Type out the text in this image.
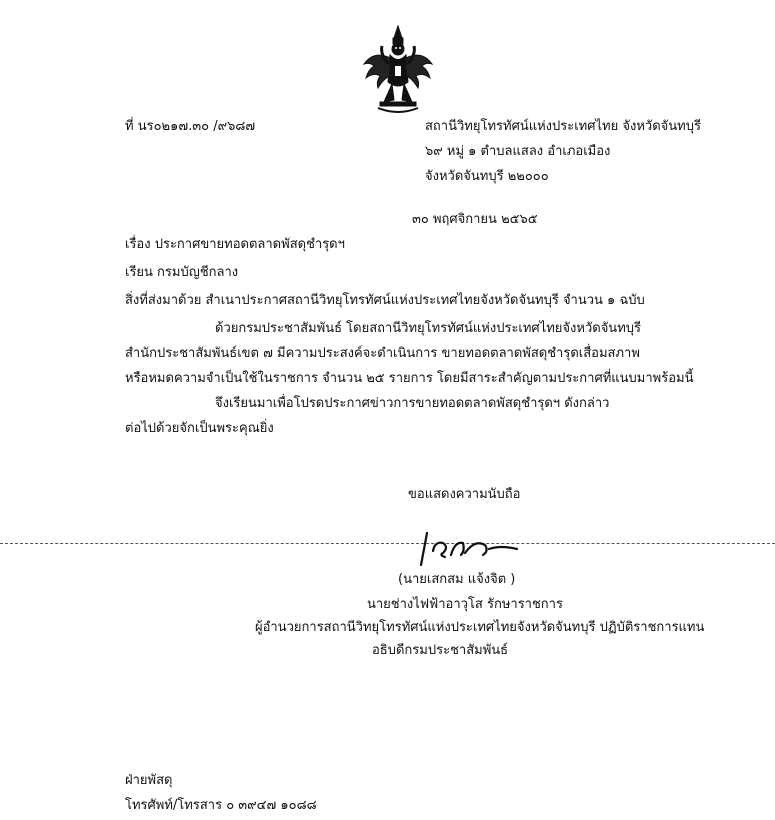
ที่ นร๐๒๑๗.๓๐ /๙๖๘๗	สถานีวิทยุโทรทัศน์แห่งประเทศไทย จังหวัดจันทบุรี
๖๙ หมู่ ๑ ตำบลแสลง อำเภอเมือง
จังหวัดจันทบุรี ๒๒๐๐๐
๓๐ พฤศจิกายน ๒๕๖๕
เรื่อง ประกาศขายทอดตลาดพัสดุชำรุดฯ
เรียน กรมบัญชีกลาง
สิ่งที่ส่งมาด้วย สำเนาประกาศสถานีวิทยุโทรทัศน์แห่งประเทศไทยจังหวัดจันทบุรี จำนวน ๑ ฉบับ
ด้วยกรมประชาสัมพันธ์ โดยสถานีวิทยุโทรทัศน์แห่งประเทศไทยจังหวัดจันทบุรี
สำนักประชาสัมพันธ์เขต ๗ มีความประสงค์จะดำเนินการ ขายทอดตลาดพัสดุชำรุดเสื่อมสภาพ
หรือหมดความจำเป็นใช้ในราชการ จำนวน ๒๕ รายการ โดยมีสาระสำคัญตามประกาศที่แนบมาพร้อมนี้
จึงเรียนมาเพื่อโปรดประกาศข่าวการขายทอดตลาดพัสดุชำรุดฯ ดังกล่าว
ต่อไปด้วยจักเป็นพระคุณยิ่ง
ขอแสดงความนับถือ
(นายเสกสม แจ้งจิต )
นายช่างไฟฟ้าอาวุโส รักษาราชการ
ผู้อำนวยการสถานีวิทยุโทรทัศน์แห่งประเทศไทยจังหวัดจันทบุรี ปฏิบัติราชการแทน
อธิบดีกรมประชาสัมพันธ์
ฝ่ายพัสดุ
โทรศัพท์/โทรสาร ๐ ๓๙๔๗ ๑๐๘๘
